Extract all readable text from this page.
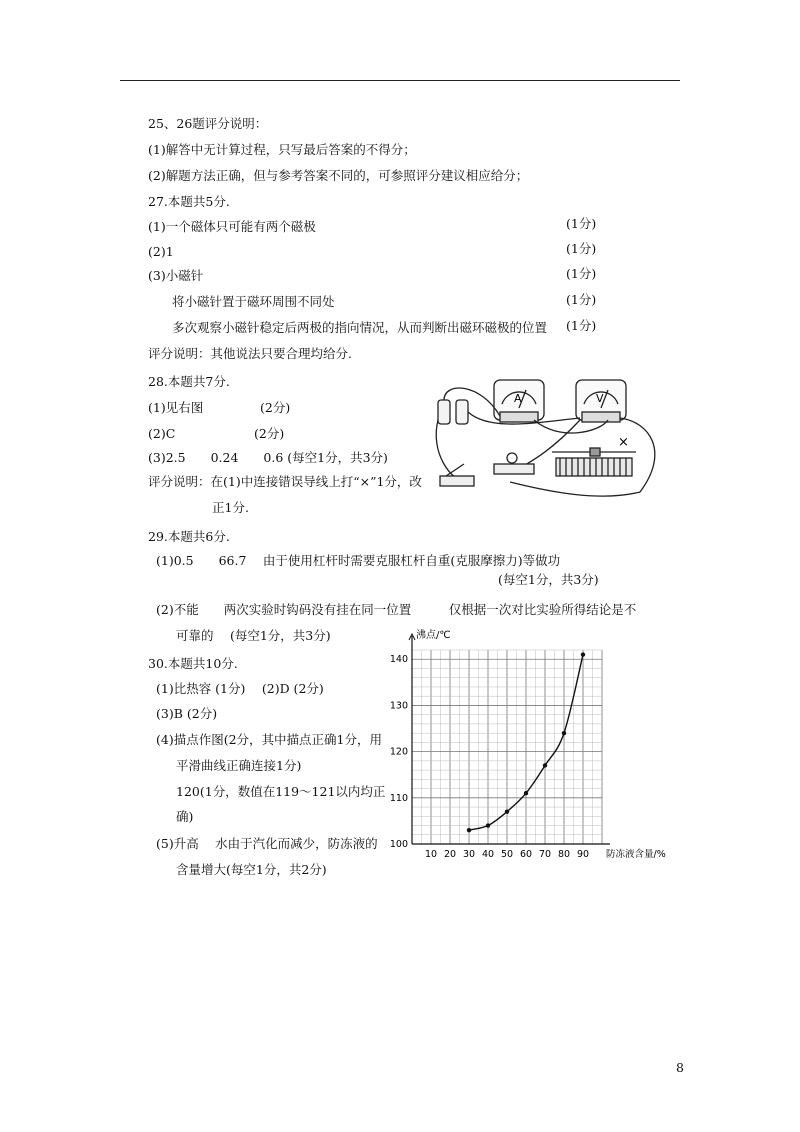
25、26题评分说明：
(1)解答中无计算过程，只写最后答案的不得分；
(2)解题方法正确，但与参考答案不同的，可参照评分建议相应给分；
27.本题共5分.
(1)一个磁体只可能有两个磁极	(1分)
(2)1	(1分)
(3)小磁针	(1分)
将小磁针置于磁环周围不同处	(1分)
多次观察小磁针稳定后两极的指向情况，从而判断出磁环磁极的位置 (1分)
评分说明：其他说法只要合理均给分.
28.本题共7分.
(1)见右图	(2分)
(2)C	(2分)
(3)2.5　　0.24　　0.6 (每空1分，共3分)
评分说明：在(1)中连接错误导线上打“×”1分，改
正1分.
A	V
×
29.本题共6分.
(1)0.5　　66.7　 由于使用杠杆时需要克服杠杆自重(克服摩擦力)等做功
(每空1分，共3分)
(2)不能　　两次实验时钩码没有挂在同一位置　　　仅根据一次对比实验所得结论是不
可靠的　 (每空1分，共3分)
30.本题共10分.
(1)比热容 (1分)　 (2)D (2分)
(3)B (2分)
(4)描点作图(2分，其中描点正确1分，用
平滑曲线正确连接1分)
120(1分，数值在119～121以内均正
确)
(5)升高　 水由于汽化而减少，防冻液的
含量增大(每空1分，共2分)
10 20 30 40 50 60 70 80 90
100
110
120
130
140
沸点/℃
防冻液含量/%
8
